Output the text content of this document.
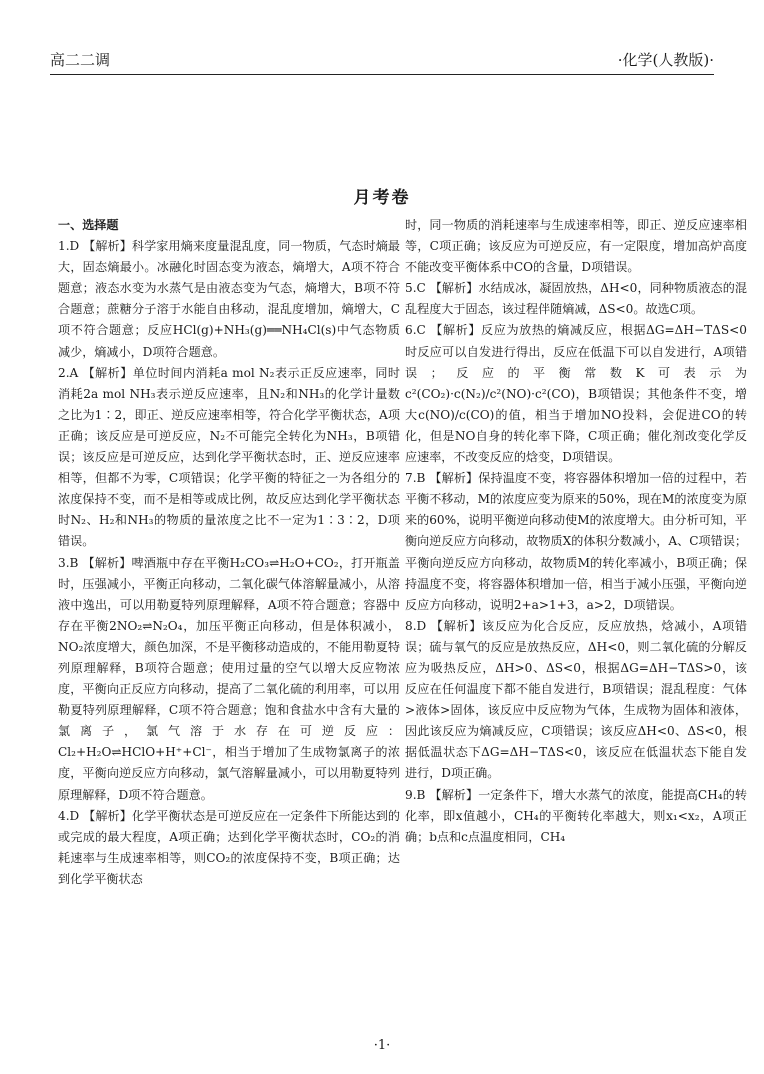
高二二调	·化学(人教版)·
月考卷
一、选择题

1.D 【解析】科学家用熵来度量混乱度，同一物质，气态时熵最大，固态熵最小。冰融化时固态变为液态，熵增大，A项不符合题意；液态水变为水蒸气是由液态变为气态，熵增大，B项不符合题意；蔗糖分子溶于水能自由移动，混乱度增加，熵增大，C项不符合题意；反应HCl(g)+NH₃(g)══NH₄Cl(s)中气态物质减少，熵减小，D项符合题意。

2.A 【解析】单位时间内消耗a mol N₂表示正反应速率，同时消耗2a mol NH₃表示逆反应速率，且N₂和NH₃的化学计量数之比为1∶2，即正、逆反应速率相等，符合化学平衡状态，A项正确；该反应是可逆反应，N₂不可能完全转化为NH₃，B项错误；该反应是可逆反应，达到化学平衡状态时，正、逆反应速率相等，但都不为零，C项错误；化学平衡的特征之一为各组分的浓度保持不变，而不是相等或成比例，故反应达到化学平衡状态时N₂、H₂和NH₃的物质的量浓度之比不一定为1∶3∶2，D项错误。

3.B 【解析】啤酒瓶中存在平衡H₂CO₃⇌H₂O+CO₂，打开瓶盖时，压强减小，平衡正向移动，二氧化碳气体溶解量减小，从溶液中逸出，可以用勒夏特列原理解释，A项不符合题意；容器中存在平衡2NO₂⇌N₂O₄，加压平衡正向移动，但是体积减小，NO₂浓度增大，颜色加深，不是平衡移动造成的，不能用勒夏特列原理解释，B项符合题意；使用过量的空气以增大反应物浓度，平衡向正反应方向移动，提高了二氧化硫的利用率，可以用勒夏特列原理解释，C项不符合题意；饱和食盐水中含有大量的氯离子，氯气溶于水存在可逆反应：Cl₂+H₂O⇌HClO+H⁺+Cl⁻，相当于增加了生成物氯离子的浓度，平衡向逆反应方向移动，氯气溶解量减小，可以用勒夏特列原理解释，D项不符合题意。

4.D 【解析】化学平衡状态是可逆反应在一定条件下所能达到的或完成的最大程度，A项正确；达到化学平衡状态时，CO₂的消耗速率与生成速率相等，则CO₂的浓度保持不变，B项正确；达到化学平衡状态

时，同一物质的消耗速率与生成速率相等，即正、逆反应速率相等，C项正确；该反应为可逆反应，有一定限度，增加高炉高度不能改变平衡体系中CO的含量，D项错误。

5.C 【解析】水结成冰，凝固放热，ΔH<0，同种物质液态的混乱程度大于固态，该过程伴随熵减，ΔS<0。故选C项。

6.C 【解析】反应为放热的熵减反应，根据ΔG=ΔH−TΔS<0时反应可以自发进行得出，反应在低温下可以自发进行，A项错误；反应的平衡常数K可表示为c²(CO₂)·c(N₂)/c²(NO)·c²(CO)，B项错误；其他条件不变，增大c(NO)/c(CO)的值，相当于增加NO投料，会促进CO的转化，但是NO自身的转化率下降，C项正确；催化剂改变化学反应速率，不改变反应的焓变，D项错误。

7.B 【解析】保持温度不变，将容器体积增加一倍的过程中，若平衡不移动，M的浓度应变为原来的50%，现在M的浓度变为原来的60%，说明平衡逆向移动使M的浓度增大。由分析可知，平衡向逆反应方向移动，故物质X的体积分数减小，A、C项错误；平衡向逆反应方向移动，故物质M的转化率减小，B项正确；保持温度不变，将容器体积增加一倍，相当于减小压强，平衡向逆反应方向移动，说明2+a>1+3，a>2，D项错误。

8.D 【解析】该反应为化合反应，反应放热，焓减小，A项错误；硫与氧气的反应是放热反应，ΔH<0，则二氧化硫的分解反应为吸热反应，ΔH>0、ΔS<0，根据ΔG=ΔH−TΔS>0，该反应在任何温度下都不能自发进行，B项错误；混乱程度：气体>液体>固体，该反应中反应物为气体，生成物为固体和液体，因此该反应为熵减反应，C项错误；该反应ΔH<0、ΔS<0，根据低温状态下ΔG=ΔH−TΔS<0，该反应在低温状态下能自发进行，D项正确。

9.B 【解析】一定条件下，增大水蒸气的浓度，能提高CH₄的转化率，即x值越小，CH₄的平衡转化率越大，则x₁<x₂，A项正确；b点和c点温度相同，CH₄

·1·
